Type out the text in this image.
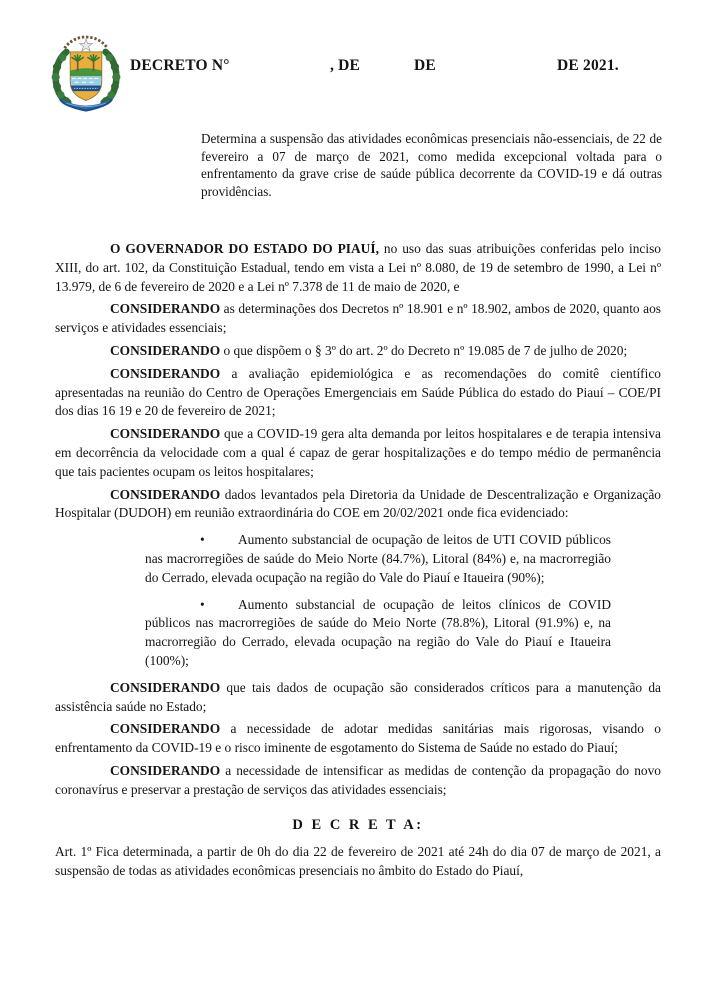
DECRETO N°	, DE	DE	DE 2021.

Determina a suspensão das atividades econômicas presenciais não-essenciais, de 22 de fevereiro a 07 de março de 2021, como medida excepcional voltada para o enfrentamento da grave crise de saúde pública decorrente da COVID-19 e dá outras providências.

O GOVERNADOR DO ESTADO DO PIAUÍ, no uso das suas atribuições conferidas pelo inciso XIII, do art. 102, da Constituição Estadual, tendo em vista a Lei nº 8.080, de 19 de setembro de 1990, a Lei nº 13.979, de 6 de fevereiro de 2020 e a Lei nº 7.378 de 11 de maio de 2020, e

CONSIDERANDO as determinações dos Decretos nº 18.901 e nº 18.902, ambos de 2020, quanto aos serviços e atividades essenciais;

CONSIDERANDO o que dispõem o § 3º do art. 2º do Decreto nº 19.085 de 7 de julho de 2020;

CONSIDERANDO a avaliação epidemiológica e as recomendações do comitê científico apresentadas na reunião do Centro de Operações Emergenciais em Saúde Pública do estado do Piauí – COE/PI dos dias 16 19 e 20 de fevereiro de 2021;

CONSIDERANDO que a COVID-19 gera alta demanda por leitos hospitalares e de terapia intensiva em decorrência da velocidade com a qual é capaz de gerar hospitalizações e do tempo médio de permanência que tais pacientes ocupam os leitos hospitalares;

CONSIDERANDO dados levantados pela Diretoria da Unidade de Descentralização e Organização Hospitalar (DUDOH) em reunião extraordinária do COE em 20/02/2021 onde fica evidenciado:

• Aumento substancial de ocupação de leitos de UTI COVID públicos nas macrorregiões de saúde do Meio Norte (84.7%), Litoral (84%) e, na macrorregião do Cerrado, elevada ocupação na região do Vale do Piauí e Itaueira (90%);

• Aumento substancial de ocupação de leitos clínicos de COVID públicos nas macrorregiões de saúde do Meio Norte (78.8%), Litoral (91.9%) e, na macrorregião do Cerrado, elevada ocupação na região do Vale do Piauí e Itaueira (100%);

CONSIDERANDO que tais dados de ocupação são considerados críticos para a manutenção da assistência saúde no Estado;

CONSIDERANDO a necessidade de adotar medidas sanitárias mais rigorosas, visando o enfrentamento da COVID-19 e o risco iminente de esgotamento do Sistema de Saúde no estado do Piauí;

CONSIDERANDO a necessidade de intensificar as medidas de contenção da propagação do novo coronavírus e preservar a prestação de serviços das atividades essenciais;

D E C R E T A:

Art. 1º Fica determinada, a partir de 0h do dia 22 de fevereiro de 2021 até 24h do dia 07 de março de 2021, a suspensão de todas as atividades econômicas presenciais no âmbito do Estado do Piauí,
